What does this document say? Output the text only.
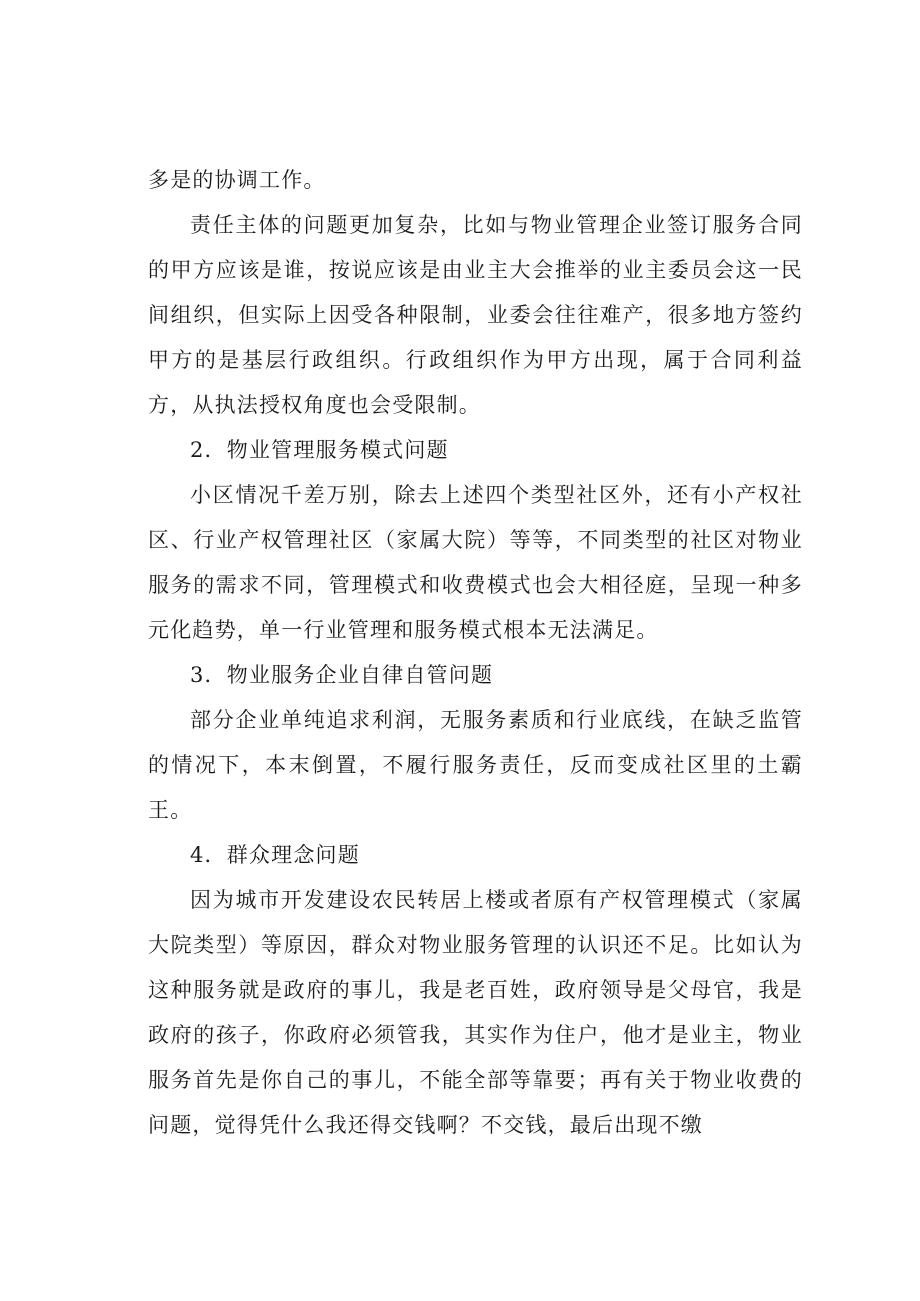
多是的协调工作。

责任主体的问题更加复杂，比如与物业管理企业签订服务合同的甲方应该是谁，按说应该是由业主大会推举的业主委员会这一民间组织，但实际上因受各种限制，业委会往往难产，很多地方签约甲方的是基层行政组织。行政组织作为甲方出现，属于合同利益方，从执法授权角度也会受限制。

2．物业管理服务模式问题

小区情况千差万别，除去上述四个类型社区外，还有小产权社区、行业产权管理社区（家属大院）等等，不同类型的社区对物业服务的需求不同，管理模式和收费模式也会大相径庭，呈现一种多元化趋势，单一行业管理和服务模式根本无法满足。

3．物业服务企业自律自管问题

部分企业单纯追求利润，无服务素质和行业底线，在缺乏监管的情况下，本末倒置，不履行服务责任，反而变成社区里的土霸王。

4．群众理念问题

因为城市开发建设农民转居上楼或者原有产权管理模式（家属大院类型）等原因，群众对物业服务管理的认识还不足。比如认为这种服务就是政府的事儿，我是老百姓，政府领导是父母官，我是政府的孩子，你政府必须管我，其实作为住户，他才是业主，物业服务首先是你自己的事儿，不能全部等靠要；再有关于物业收费的问题，觉得凭什么我还得交钱啊？不交钱，最后出现不缴
